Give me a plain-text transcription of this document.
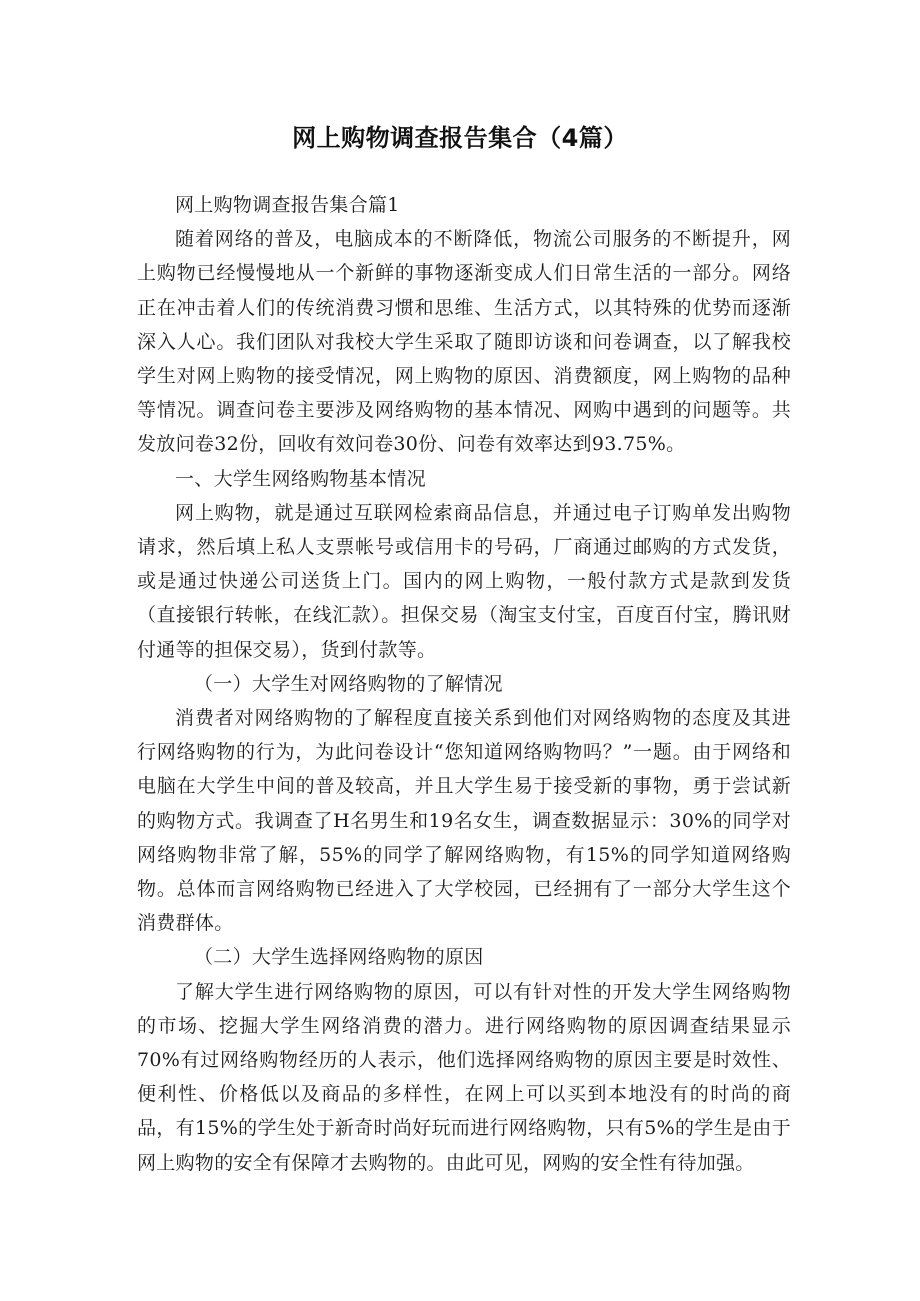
网上购物调查报告集合（4篇）

网上购物调查报告集合篇1

随着网络的普及，电脑成本的不断降低，物流公司服务的不断提升，网上购物已经慢慢地从一个新鲜的事物逐渐变成人们日常生活的一部分。网络正在冲击着人们的传统消费习惯和思维、生活方式，以其特殊的优势而逐渐深入人心。我们团队对我校大学生采取了随即访谈和问卷调查，以了解我校学生对网上购物的接受情况，网上购物的原因、消费额度，网上购物的品种等情况。调查问卷主要涉及网络购物的基本情况、网购中遇到的问题等。共发放问卷32份，回收有效问卷30份、问卷有效率达到93.75%。

一、大学生网络购物基本情况

网上购物，就是通过互联网检索商品信息，并通过电子订购单发出购物请求，然后填上私人支票帐号或信用卡的号码，厂商通过邮购的方式发货，或是通过快递公司送货上门。国内的网上购物，一般付款方式是款到发货（直接银行转帐，在线汇款）。担保交易（淘宝支付宝，百度百付宝，腾讯财付通等的担保交易），货到付款等。

（一）大学生对网络购物的了解情况

消费者对网络购物的了解程度直接关系到他们对网络购物的态度及其进行网络购物的行为，为此问卷设计“您知道网络购物吗？”一题。由于网络和电脑在大学生中间的普及较高，并且大学生易于接受新的事物，勇于尝试新的购物方式。我调查了H名男生和19名女生，调查数据显示：30%的同学对网络购物非常了解，55%的同学了解网络购物，有15%的同学知道网络购物。总体而言网络购物已经进入了大学校园，已经拥有了一部分大学生这个消费群体。

（二）大学生选择网络购物的原因

了解大学生进行网络购物的原因，可以有针对性的开发大学生网络购物的市场、挖掘大学生网络消费的潜力。进行网络购物的原因调查结果显示70%有过网络购物经历的人表示，他们选择网络购物的原因主要是时效性、便利性、价格低以及商品的多样性，在网上可以买到本地没有的时尚的商品，有15%的学生处于新奇时尚好玩而进行网络购物，只有5%的学生是由于网上购物的安全有保障才去购物的。由此可见，网购的安全性有待加强。
